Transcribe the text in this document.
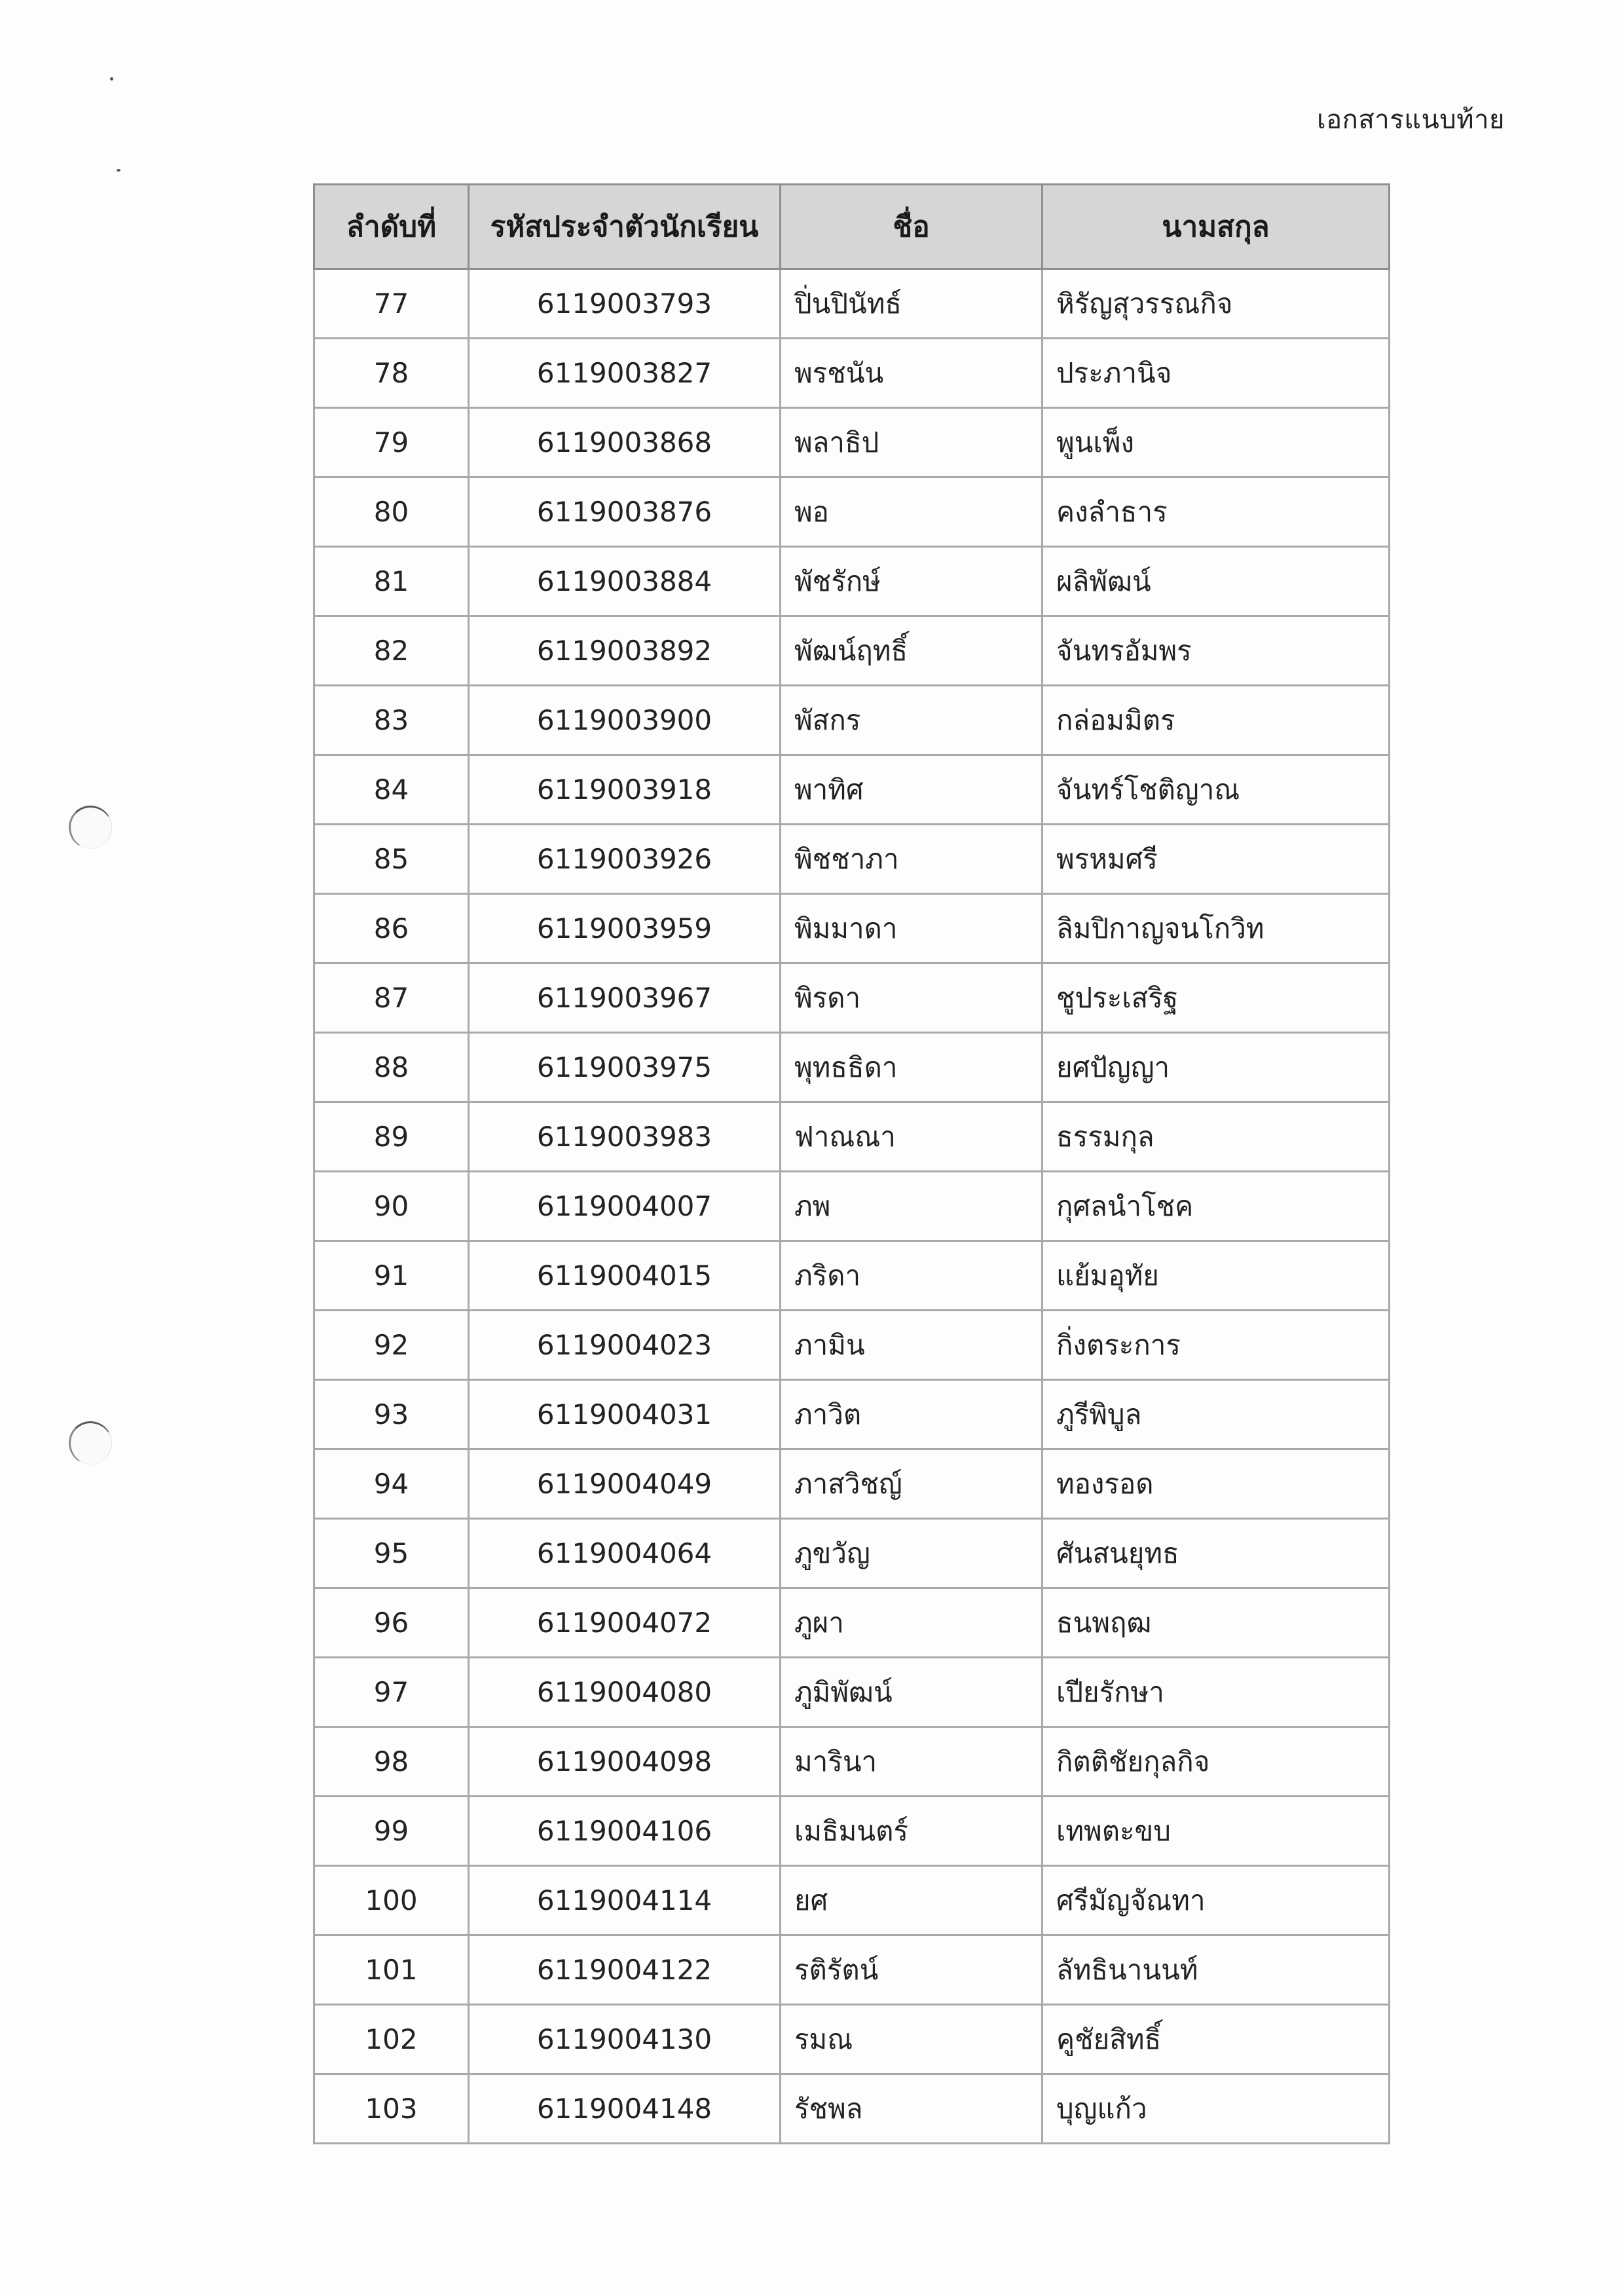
เอกสารแนบท้าย
ลำดับที่	รหัสประจำตัวนักเรียน	ชื่อ	นามสกุล
77	6119003793	ปิ่นปินัทธ์	หิรัญสุวรรณกิจ
78	6119003827	พรชนัน	ประภานิจ
79	6119003868	พลาธิป	พูนเพ็ง
80	6119003876	พอ	คงลำธาร
81	6119003884	พัชรักษ์	ผลิพัฒน์
82	6119003892	พัฒน์ฤทธิ์	จันทรอัมพร
83	6119003900	พัสกร	กล่อมมิตร
84	6119003918	พาทิศ	จันทร์โชติญาณ
85	6119003926	พิชชาภา	พรหมศรี
86	6119003959	พิมมาดา	ลิมปิกาญจนโกวิท
87	6119003967	พิรดา	ชูประเสริฐ
88	6119003975	พุทธธิดา	ยศปัญญา
89	6119003983	ฟาณณา	ธรรมกุล
90	6119004007	ภพ	กุศลนำโชค
91	6119004015	ภริดา	แย้มอุทัย
92	6119004023	ภามิน	กิ่งตระการ
93	6119004031	ภาวิต	ภูรีพิบูล
94	6119004049	ภาสวิชญ์	ทองรอด
95	6119004064	ภูขวัญ	ศันสนยุทธ
96	6119004072	ภูผา	ธนพฤฒ
97	6119004080	ภูมิพัฒน์	เปียรักษา
98	6119004098	มารินา	กิตติชัยกุลกิจ
99	6119004106	เมธิมนตร์	เทพตะขบ
100	6119004114	ยศ	ศรีมัญจัณทา
101	6119004122	รติรัตน์	ลัทธินานนท์
102	6119004130	รมณ	คูชัยสิทธิ์
103	6119004148	รัชพล	บุญแก้ว
